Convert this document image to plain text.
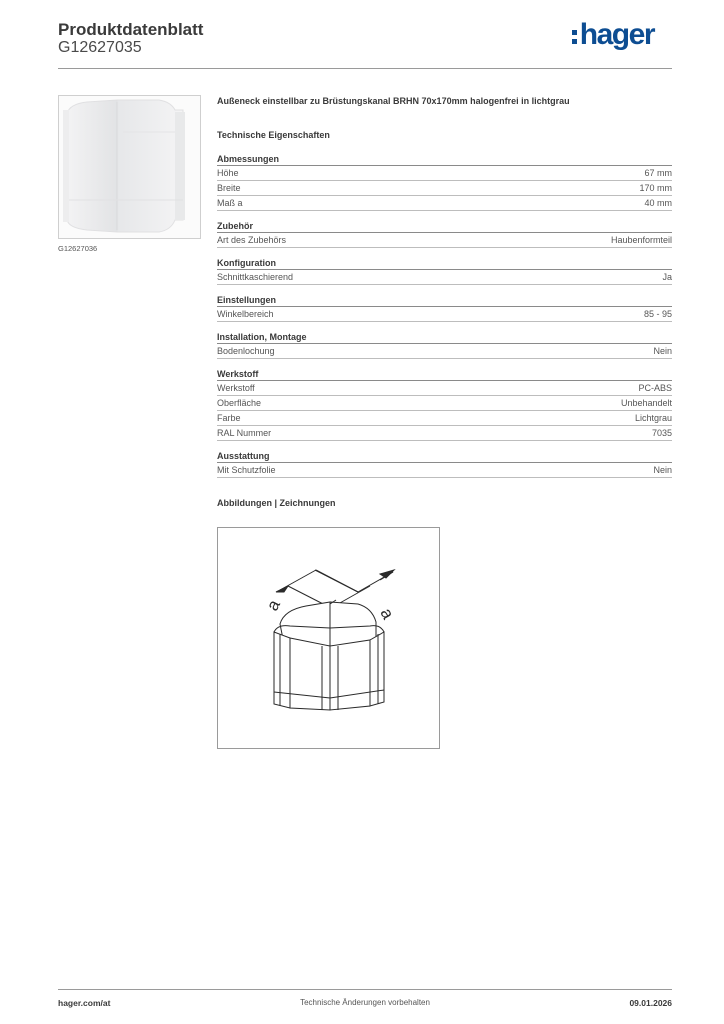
Produktdatenblatt
G12627035	hager
G12627036
Außeneck einstellbar zu Brüstungskanal BRHN 70x170mm halogenfrei in lichtgrau
Technische Eigenschaften
Abmessungen
Höhe	67 mm
Breite	170 mm
Maß a	40 mm
Zubehör
Art des Zubehörs	Haubenformteil
Konfiguration
Schnittkaschierend	Ja
Einstellungen
Winkelbereich	85 - 95
Installation, Montage
Bodenlochung	Nein
Werkstoff
Werkstoff	PC-ABS
Oberfläche	Unbehandelt
Farbe	Lichtgrau
RAL Nummer	7035
Ausstattung
Mit Schutzfolie	Nein
Abbildungen | Zeichnungen
a	a
hager.com/at	Technische Änderungen vorbehalten	09.01.2026
